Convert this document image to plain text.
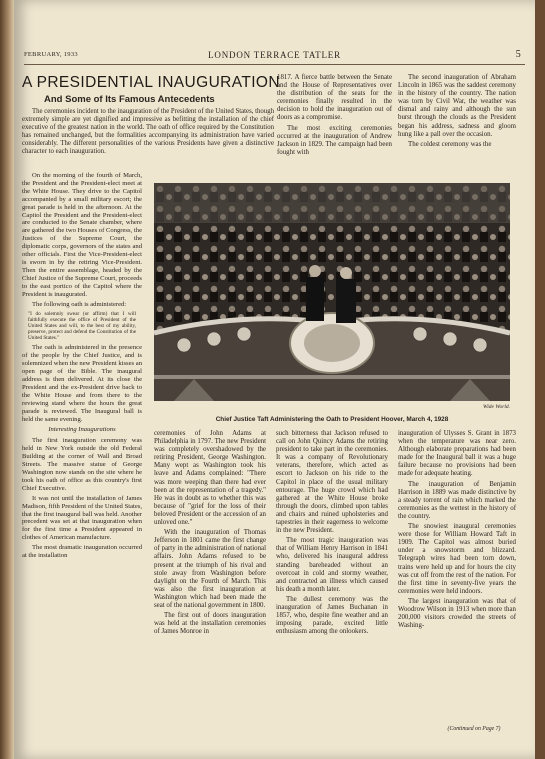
FEBRUARY, 1933	LONDON TERRACE TATLER	5
A PRESIDENTIAL INAUGURATION
And Some of Its Famous Antecedents

The ceremonies incident to the inauguration of the President of the United States, though extremely simple are yet dignified and impressive as befitting the installation of the chief executive of the greatest nation in the world. The oath of office required by the Constitution has remained unchanged, but the formalities accompanying its administration have varied considerably. The different personalities of the various Presidents have given a distinctive character to each inauguration.

On the morning of the fourth of March, the President and the President-elect meet at the White House. They drive to the Capitol accompanied by a small military escort; the great parade is held in the afternoon. At the Capitol the President and the President-elect are conducted to the Senate chamber, where are gathered the two Houses of Congress, the Justices of the Supreme Court, the diplomatic corps, governors of the states and other officials. First the Vice-President-elect is sworn in by the retiring Vice-President. Then the entire assemblage, headed by the Chief Justice of the Supreme Court, proceeds to the east portico of the Capitol where the President is inaugurated.

The following oath is administered:

"I do solemnly swear (or affirm) that I will faithfully execute the office of President of the United States and will, to the best of my ability, preserve, protect and defend the Constitution of the United States."

The oath is administered in the presence of the people by the Chief Justice, and is solemnized when the new President kisses an open page of the Bible. The inaugural address is then delivered. At its close the President and the ex-President drive back to the White House and from there to the reviewing stand where the hours the great parade is reviewed. The Inaugural ball is held the same evening.

Interesting Inaugurations

The first inauguration ceremony was held in New York outside the old Federal Building at the corner of Wall and Broad Streets. The massive statue of George Washington now stands on the site where he took his oath of office as this country's first Chief Executive.

It was not until the installation of James Madison, fifth President of the United States, that the first inaugural ball was held. Another precedent was set at that inauguration when for the first time a President appeared in clothes of American manufacture.

The most dramatic inauguration occurred at the installation

1817. A fierce battle between the Senate and the House of Representatives over the distribution of the seats for the ceremonies finally resulted in the decision to hold the inauguration out of doors as a compromise.

The most exciting ceremonies occurred at the inauguration of Andrew Jackson in 1829. The campaign had been fought with

The second inauguration of Abraham Lincoln in 1865 was the saddest ceremony in the history of the country. The nation was torn by Civil War, the weather was dismal and rainy and although the sun burst through the clouds as the President began his address, sadness and gloom hung like a pall over the occasion.

The coldest ceremony was the

Wide World.
Chief Justice Taft Administering the Oath to President Hoover, March 4, 1928

ceremonies of John Adams at Philadelphia in 1797. The new President was completely overshadowed by the retiring President, George Washington. Many wept as Washington took his leave and Adams complained: "There was more weeping than there had ever been at the representation of a tragedy." He was in doubt as to whether this was because of "grief for the loss of their beloved President or the accession of an unloved one."

With the inauguration of Thomas Jefferson in 1801 came the first change of party in the administration of national affairs. John Adams refused to be present at the triumph of his rival and stole away from Washington before daylight on the Fourth of March. This was also the first inauguration at Washington which had been made the seat of the national government in 1800.

The first out of doors inauguration was held at the installation ceremonies of James Monroe in

such bitterness that Jackson refused to call on John Quincy Adams the retiring president to take part in the ceremonies. It was a company of Revolutionary veterans, therefore, which acted as escort to Jackson on his ride to the Capitol in place of the usual military entourage. The huge crowd which had gathered at the White House broke through the doors, climbed upon tables and chairs and ruined upholsteries and tapestries in their eagerness to welcome in the new President.

The most tragic inauguration was that of William Henry Harrison in 1841 who, delivered his inaugural address standing bareheaded without an overcoat in cold and stormy weather, and contracted an illness which caused his death a month later.

The dullest ceremony was the inauguration of James Buchanan in 1857, who, despite fine weather and an imposing parade, excited little enthusiasm among the onlookers.

inauguration of Ulysses S. Grant in 1873 when the temperature was near zero. Although elaborate preparations had been made for the Inaugural ball it was a huge failure because no provisions had been made for adequate heating.

The inauguration of Benjamin Harrison in 1889 was made distinctive by a steady torrent of rain which marked the ceremonies as the wettest in the history of the country.

The snowiest inaugural ceremonies were those for William Howard Taft in 1909. The Capitol was almost buried under a snowstorm and blizzard. Telegraph wires had been torn down, trains were held up and for hours the city was cut off from the rest of the nation. For the first time in seventy-five years the ceremonies were held indoors.

The largest inauguration was that of Woodrow Wilson in 1913 when more than 200,000 visitors crowded the streets of Washing-

(Continued on Page 7)
